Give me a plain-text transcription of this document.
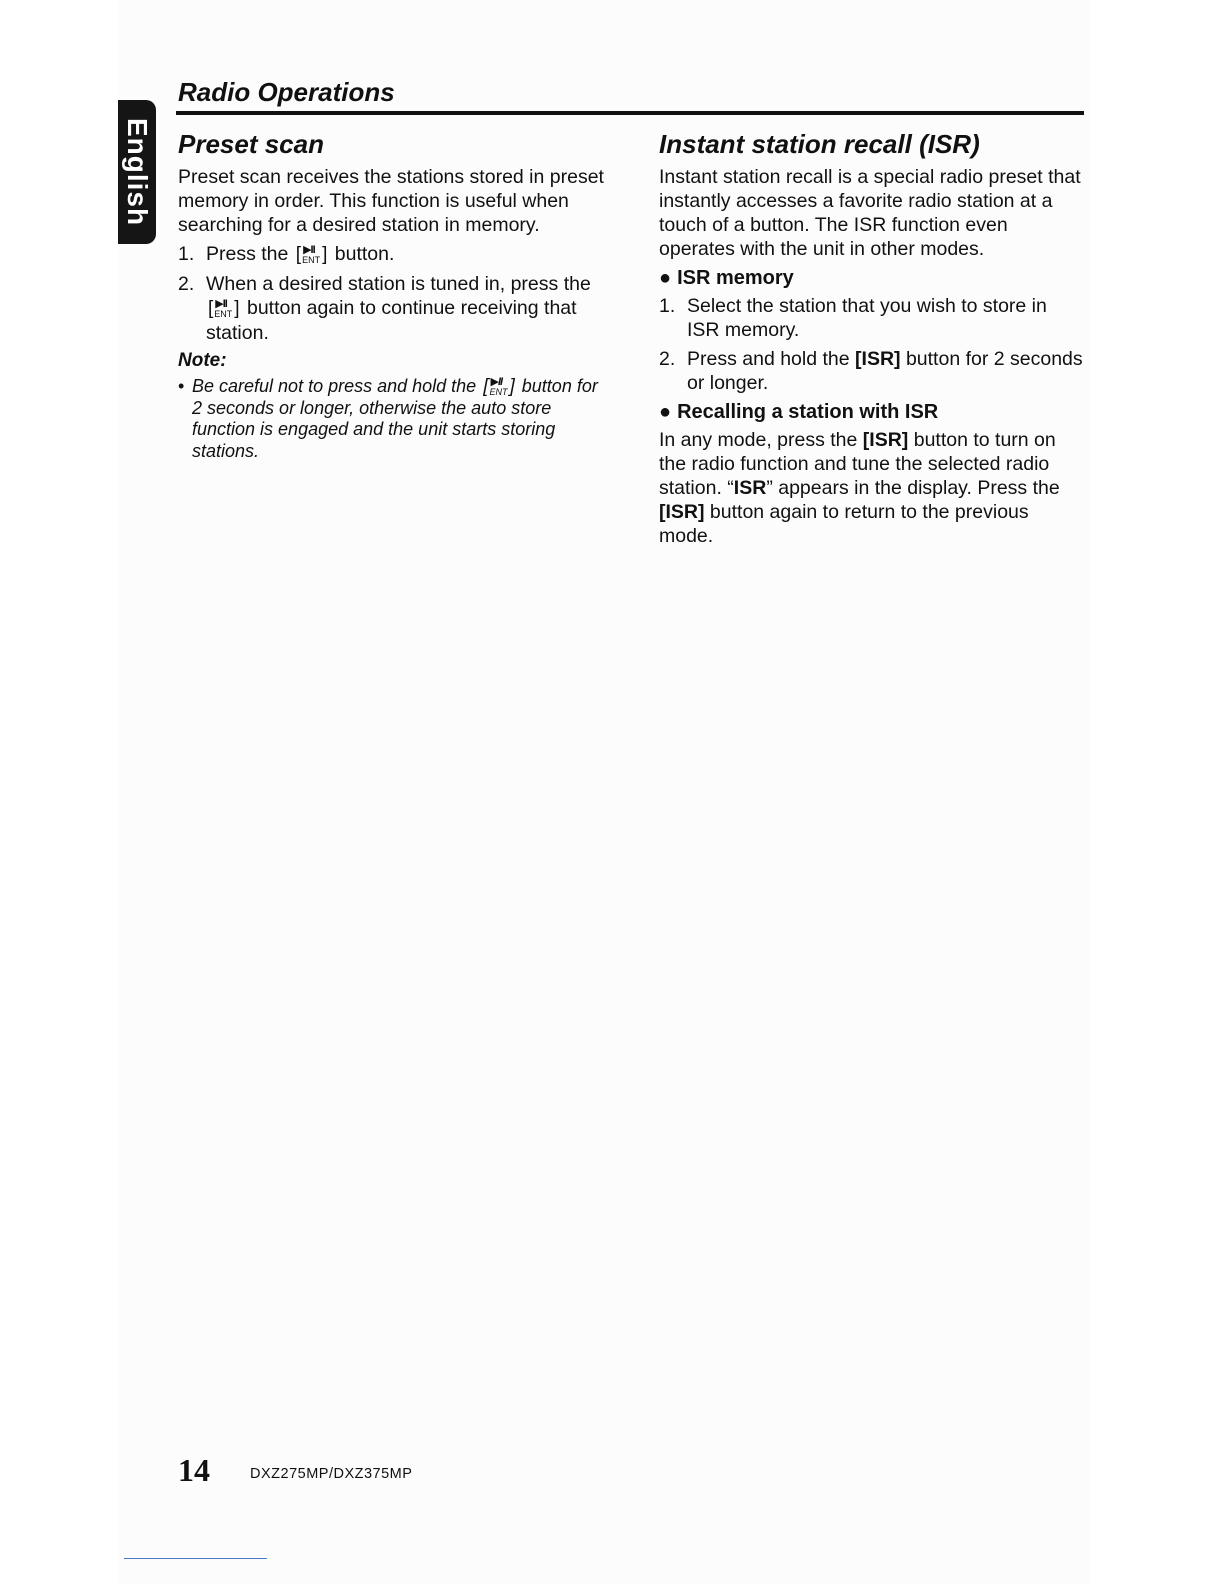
English
Radio Operations
Preset scan

Preset scan receives the stations stored in preset memory in order. This function is useful when searching for a desired station in memory.

1. Press the [ ▶II
ENT ] button.
2. When a desired station is tuned in, press the
[ ▶II
ENT ] button again to continue receiving that station.
Note:
• Be careful not to press and hold the [ ▶II
ENT ] button for 2 seconds or longer, otherwise the auto store function is engaged and the unit starts storing stations.
Instant station recall (ISR)

Instant station recall is a special radio preset that instantly accesses a favorite radio station at a touch of a button. The ISR function even operates with the unit in other modes.

● ISR memory
1. Select the station that you wish to store in ISR memory.
2. Press and hold the [ISR] button for 2 seconds or longer.
● Recalling a station with ISR

In any mode, press the [ISR] button to turn on the radio function and tune the selected radio station. “ISR” appears in the display. Press the [ISR] button again to return to the previous mode.

14	DXZ275MP/DXZ375MP
